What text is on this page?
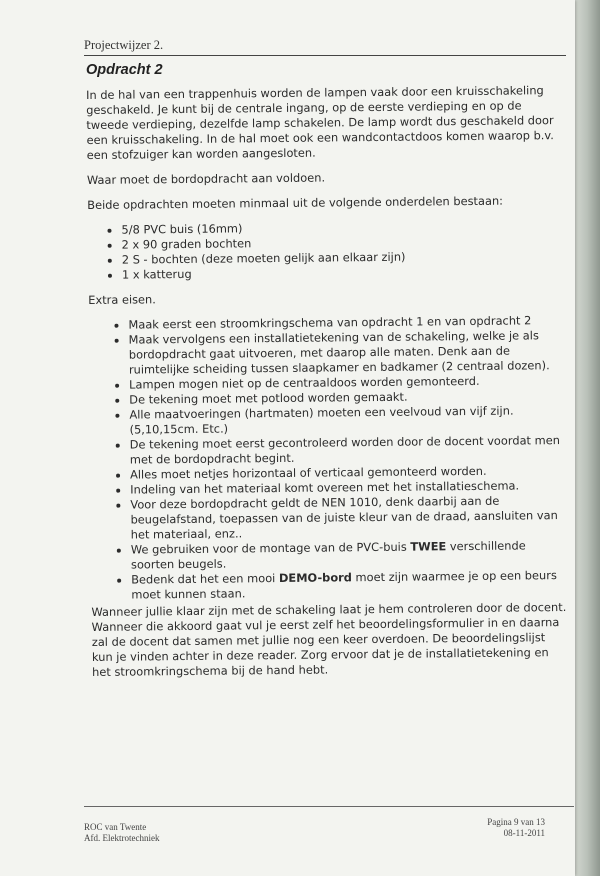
Projectwijzer 2.
Opdracht 2

In de hal van een trappenhuis worden de lampen vaak door een kruisschakeling geschakeld. Je kunt bij de centrale ingang, op de eerste verdieping en op de tweede verdieping, dezelfde lamp schakelen. De lamp wordt dus geschakeld door een kruisschakeling. In de hal moet ook een wandcontactdoos komen waarop b.v. een stofzuiger kan worden aangesloten.

Waar moet de bordopdracht aan voldoen.

Beide opdrachten moeten minmaal uit de volgende onderdelen bestaan:

• 5/8 PVC buis (16mm)
• 2 x 90 graden bochten
• 2 S - bochten (deze moeten gelijk aan elkaar zijn)
• 1 x katterug

Extra eisen.

• Maak eerst een stroomkringschema van opdracht 1 en van opdracht 2
• Maak vervolgens een installatietekening van de schakeling, welke je als bordopdracht gaat uitvoeren, met daarop alle maten. Denk aan de ruimtelijke scheiding tussen slaapkamer en badkamer (2 centraal dozen).
• Lampen mogen niet op de centraaldoos worden gemonteerd.
• De tekening moet met potlood worden gemaakt.
• Alle maatvoeringen (hartmaten) moeten een veelvoud van vijf zijn. (5,10,15cm. Etc.)
• De tekening moet eerst gecontroleerd worden door de docent voordat men met de bordopdracht begint.
• Alles moet netjes horizontaal of verticaal gemonteerd worden.
• Indeling van het materiaal komt overeen met het installatieschema.
• Voor deze bordopdracht geldt de NEN 1010, denk daarbij aan de beugelafstand, toepassen van de juiste kleur van de draad, aansluiten van het materiaal, enz..
• We gebruiken voor de montage van de PVC-buis TWEE verschillende soorten beugels.
• Bedenk dat het een mooi DEMO-bord moet zijn waarmee je op een beurs moet kunnen staan.

Wanneer jullie klaar zijn met de schakeling laat je hem controleren door de docent. Wanneer die akkoord gaat vul je eerst zelf het beoordelingsformulier in en daarna zal de docent dat samen met jullie nog een keer overdoen. De beoordelingslijst kun je vinden achter in deze reader. Zorg ervoor dat je de installatietekening en het stroomkringschema bij de hand hebt.

ROC van Twente
Afd. Elektrotechniek
Pagina 9 van 13
08-11-2011
